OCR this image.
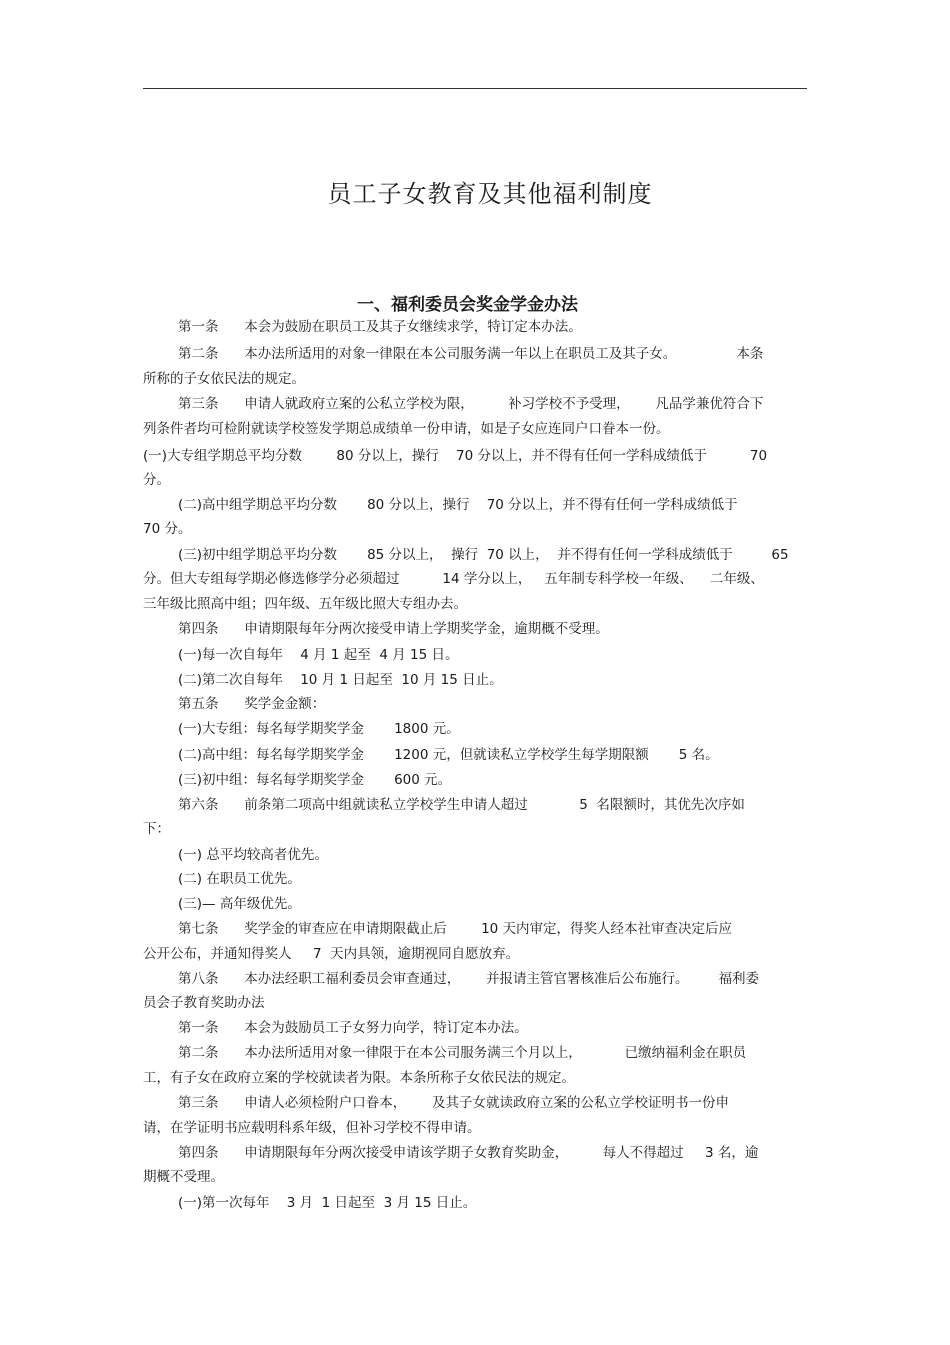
员工子女教育及其他福利制度
一、福利委员会奖金学金办法
第一条      本会为鼓励在职员工及其子女继续求学，特订定本办法。
第二条      本办法所适用的对象一律限在本公司服务满一年以上在职员工及其子女。              本条
所称的子女依民法的规定。
第三条      申请人就政府立案的公私立学校为限，        补习学校不予受理，      凡品学兼优符合下
列条件者均可检附就读学校签发学期总成绩单一份申请，如是子女应连同户口眷本一份。
(一)大专组学期总平均分数        80 分以上，操行    70 分以上，并不得有任何一学科成绩低于          70
分。
(二)高中组学期总平均分数       80 分以上，操行    70 分以上，并不得有任何一学科成绩低于
70 分。
(三)初中组学期总平均分数       85 分以上，  操行  70 以上，  并不得有任何一学科成绩低于         65
分。但大专组每学期必修选修学分必须超过          14 学分以上，   五年制专科学校一年级、    二年级、
三年级比照高中组；四年级、五年级比照大专组办去。
第四条      申请期限每年分两次接受申请上学期奖学金，逾期概不受理。
(一)每一次自每年    4 月 1 起至  4 月 15 日。
(二)第二次自每年    10 月 1 日起至  10 月 15 日止。
第五条      奖学金金额：
(一)大专组：每名每学期奖学金       1800 元。
(二)高中组：每名每学期奖学金       1200 元，但就读私立学校学生每学期限额       5 名。
(三)初中组：每名每学期奖学金       600 元。
第六条      前条第二项高中组就读私立学校学生申请人超过            5  名限额时，其优先次序如
下：
(一) 总平均较高者优先。
(二) 在职员工优先。
(三)— 高年级优先。
第七条      奖学金的审查应在申请期限截止后        10 天内审定，得奖人经本社审查决定后应
公开公布，并通知得奖人     7  天内具领，逾期视同自愿放弃。
第八条      本办法经职工福利委员会审查通过，      并报请主管官署核准后公布施行。       福利委
员会子教育奖助办法
第一条      本会为鼓励员工子女努力向学，特订定本办法。
第二条      本办法所适用对象一律限于在本公司服务满三个月以上，          已缴纳福利金在职员
工，有子女在政府立案的学校就读者为限。本条所称子女依民法的规定。
第三条      申请人必须检附户口眷本，      及其子女就读政府立案的公私立学校证明书一份申
请，在学证明书应载明科系年级，但补习学校不得申请。
第四条      申请期限每年分两次接受申请该学期子女教育奖助金，        每人不得超过     3 名，逾
期概不受理。
(一)第一次每年    3 月  1 日起至  3 月 15 日止。
